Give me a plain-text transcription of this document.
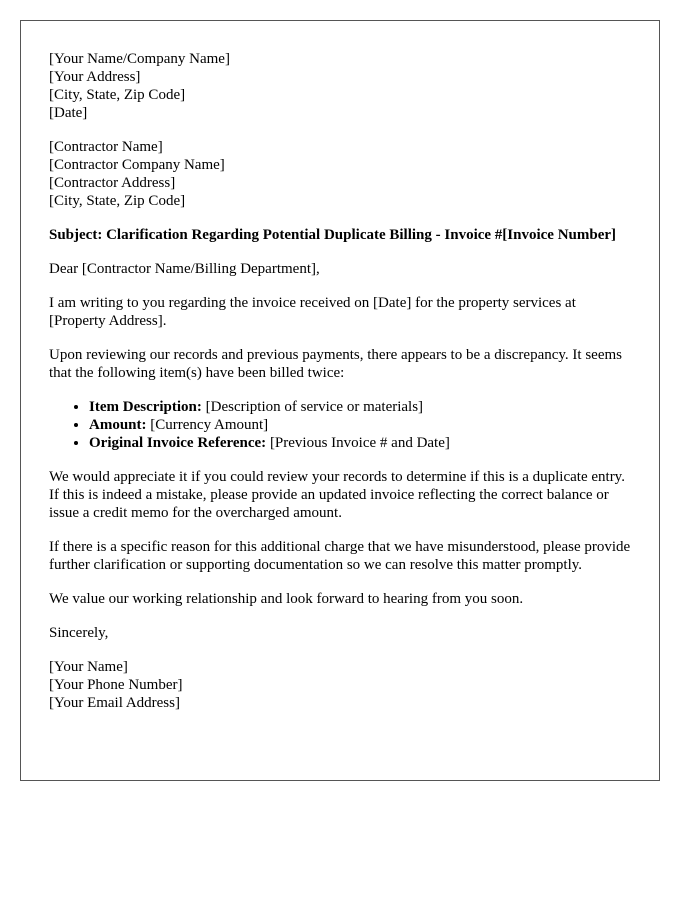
[Your Name/Company Name]
[Your Address]
[City, State, Zip Code]
[Date]
[Contractor Name]
[Contractor Company Name]
[Contractor Address]
[City, State, Zip Code]

Subject: Clarification Regarding Potential Duplicate Billing - Invoice #[Invoice Number]

Dear [Contractor Name/Billing Department],

I am writing to you regarding the invoice received on [Date] for the property services at [Property Address].

Upon reviewing our records and previous payments, there appears to be a discrepancy. It seems that the following item(s) have been billed twice:

• Item Description: [Description of service or materials]
• Amount: [Currency Amount]
• Original Invoice Reference: [Previous Invoice # and Date]

We would appreciate it if you could review your records to determine if this is a duplicate entry. If this is indeed a mistake, please provide an updated invoice reflecting the correct balance or issue a credit memo for the overcharged amount.

If there is a specific reason for this additional charge that we have misunderstood, please provide further clarification or supporting documentation so we can resolve this matter promptly.

We value our working relationship and look forward to hearing from you soon.

Sincerely,

[Your Name]
[Your Phone Number]
[Your Email Address]
